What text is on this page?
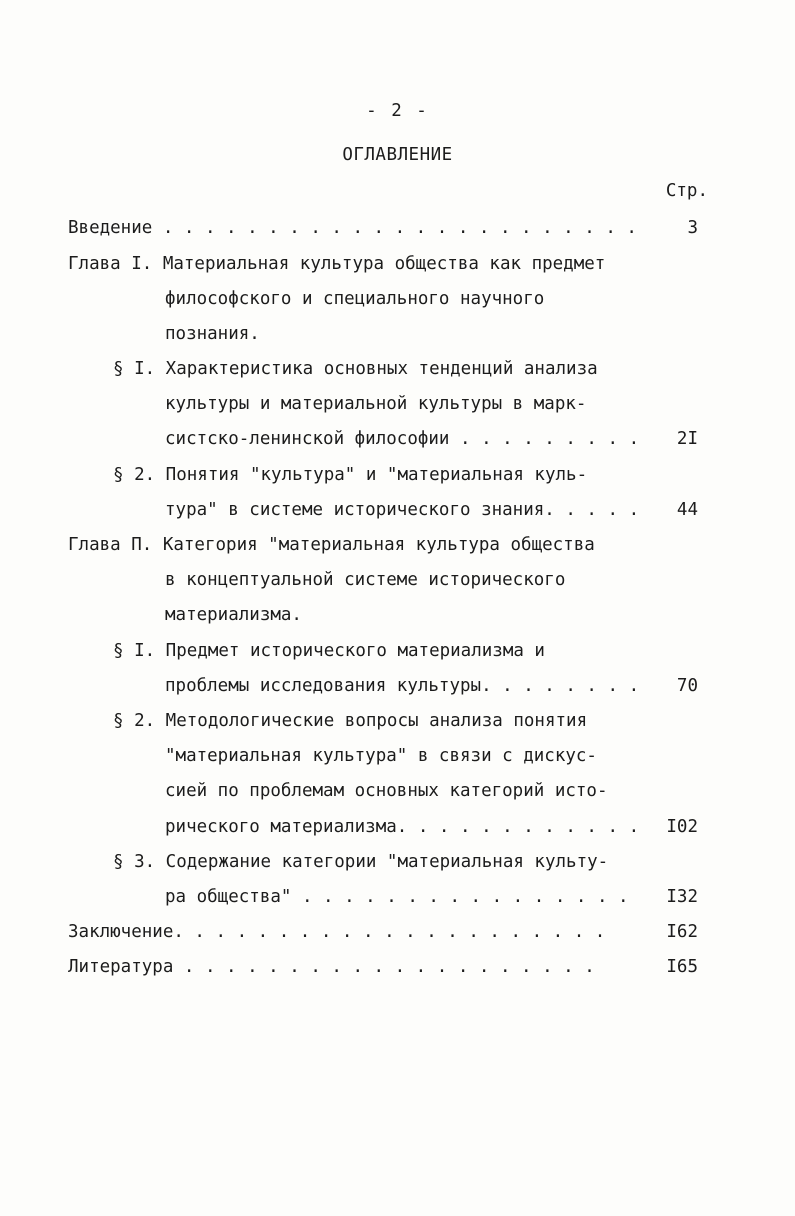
- 2 -
ОГЛАВЛЕНИЕ
Стр.
Введение . . . . . . . . . . . . . . . . . . . . . . .	3
Глава I. Материальная культура общества как предмет
философского и специального научного
познания.
§ I. Характеристика основных тенденций анализа
культуры и материальной культуры в марк-
систско-ленинской философии . . . . . . . . . 2I
§ 2. Понятия "культура" и "материальная куль-
тура" в системе исторического знания. . . . . 44
Глава П. Категория "материальная культура общества
в концептуальной системе исторического
материализма.
§ I. Предмет исторического материализма и
проблемы исследования культуры. . . . . . . . 70
§ 2. Методологические вопросы анализа понятия
"материальная культура" в связи с дискус-
сией по проблемам основных категорий исто-
рического материализма. . . . . . . . . . . . I02
§ 3. Содержание категории "материальная культу-
ра общества" . . . . . . . . . . . . . . . . I32
Заключение. . . . . . . . . . . . . . . . . . . . .	I62
Литература . . . . . . . . . . . . . . . . . . . .	I65
